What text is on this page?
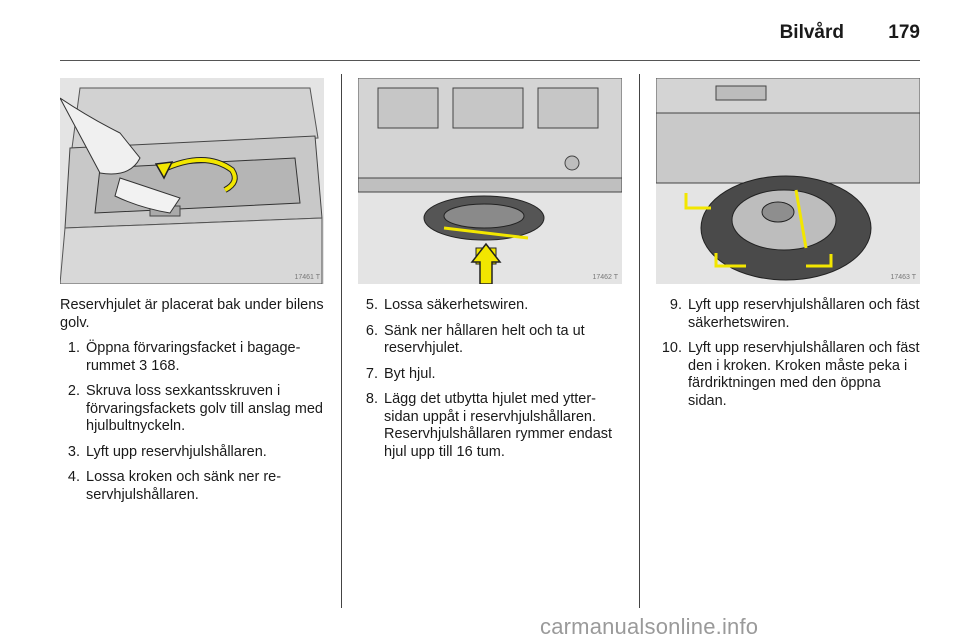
Bilvård	179
17461 T	17462 T	17463 T

Reservhjulet är placerat bak under bilens golv.

1. Öppna förvaringsfacket i bagage-rummet 3 168.
2. Skruva loss sexkantsskruven i förvaringsfackets golv till anslag med hjulbultnyckeln.
3. Lyft upp reservhjulshållaren.
4. Lossa kroken och sänk ner re-servhjulshållaren.
5. Lossa säkerhetswiren.
6. Sänk ner hållaren helt och ta ut reservhjulet.
7. Byt hjul.
8. Lägg det utbytta hjulet med ytter-sidan uppåt i reservhjulshållaren. Reservhjulshållaren rymmer endast hjul upp till 16 tum.
9. Lyft upp reservhjulshållaren och fäst säkerhetswiren.
10. Lyft upp reservhjulshållaren och fäst den i kroken. Kroken måste peka i färdriktningen med den öppna sidan.
carmanualsonline.info
